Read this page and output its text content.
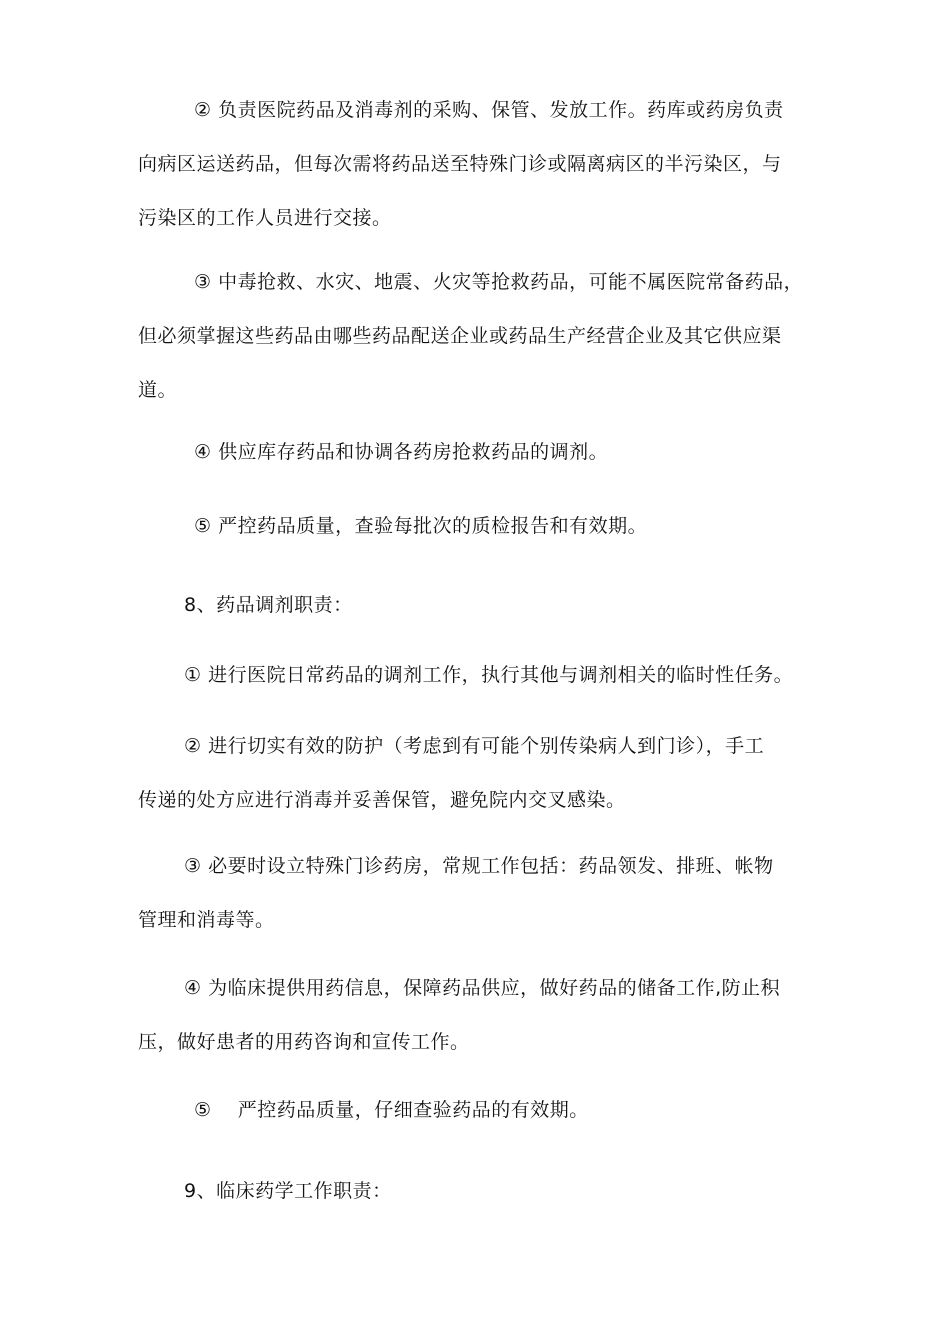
② 负责医院药品及消毒剂的采购、保管、发放工作。药库或药房负责
向病区运送药品，但每次需将药品送至特殊门诊或隔离病区的半污染区，与
污染区的工作人员进行交接。
③ 中毒抢救、水灾、地震、火灾等抢救药品，可能不属医院常备药品，
但必须掌握这些药品由哪些药品配送企业或药品生产经营企业及其它供应渠
道。
④ 供应库存药品和协调各药房抢救药品的调剂。
⑤ 严控药品质量，查验每批次的质检报告和有效期。
8、药品调剂职责：
① 进行医院日常药品的调剂工作，执行其他与调剂相关的临时性任务。
② 进行切实有效的防护（考虑到有可能个别传染病人到门诊），手工
传递的处方应进行消毒并妥善保管，避免院内交叉感染。
③ 必要时设立特殊门诊药房，常规工作包括：药品领发、排班、帐物
管理和消毒等。
④ 为临床提供用药信息，保障药品供应，做好药品的储备工作,防止积
压，做好患者的用药咨询和宣传工作。
⑤    严控药品质量，仔细查验药品的有效期。
9、临床药学工作职责：
